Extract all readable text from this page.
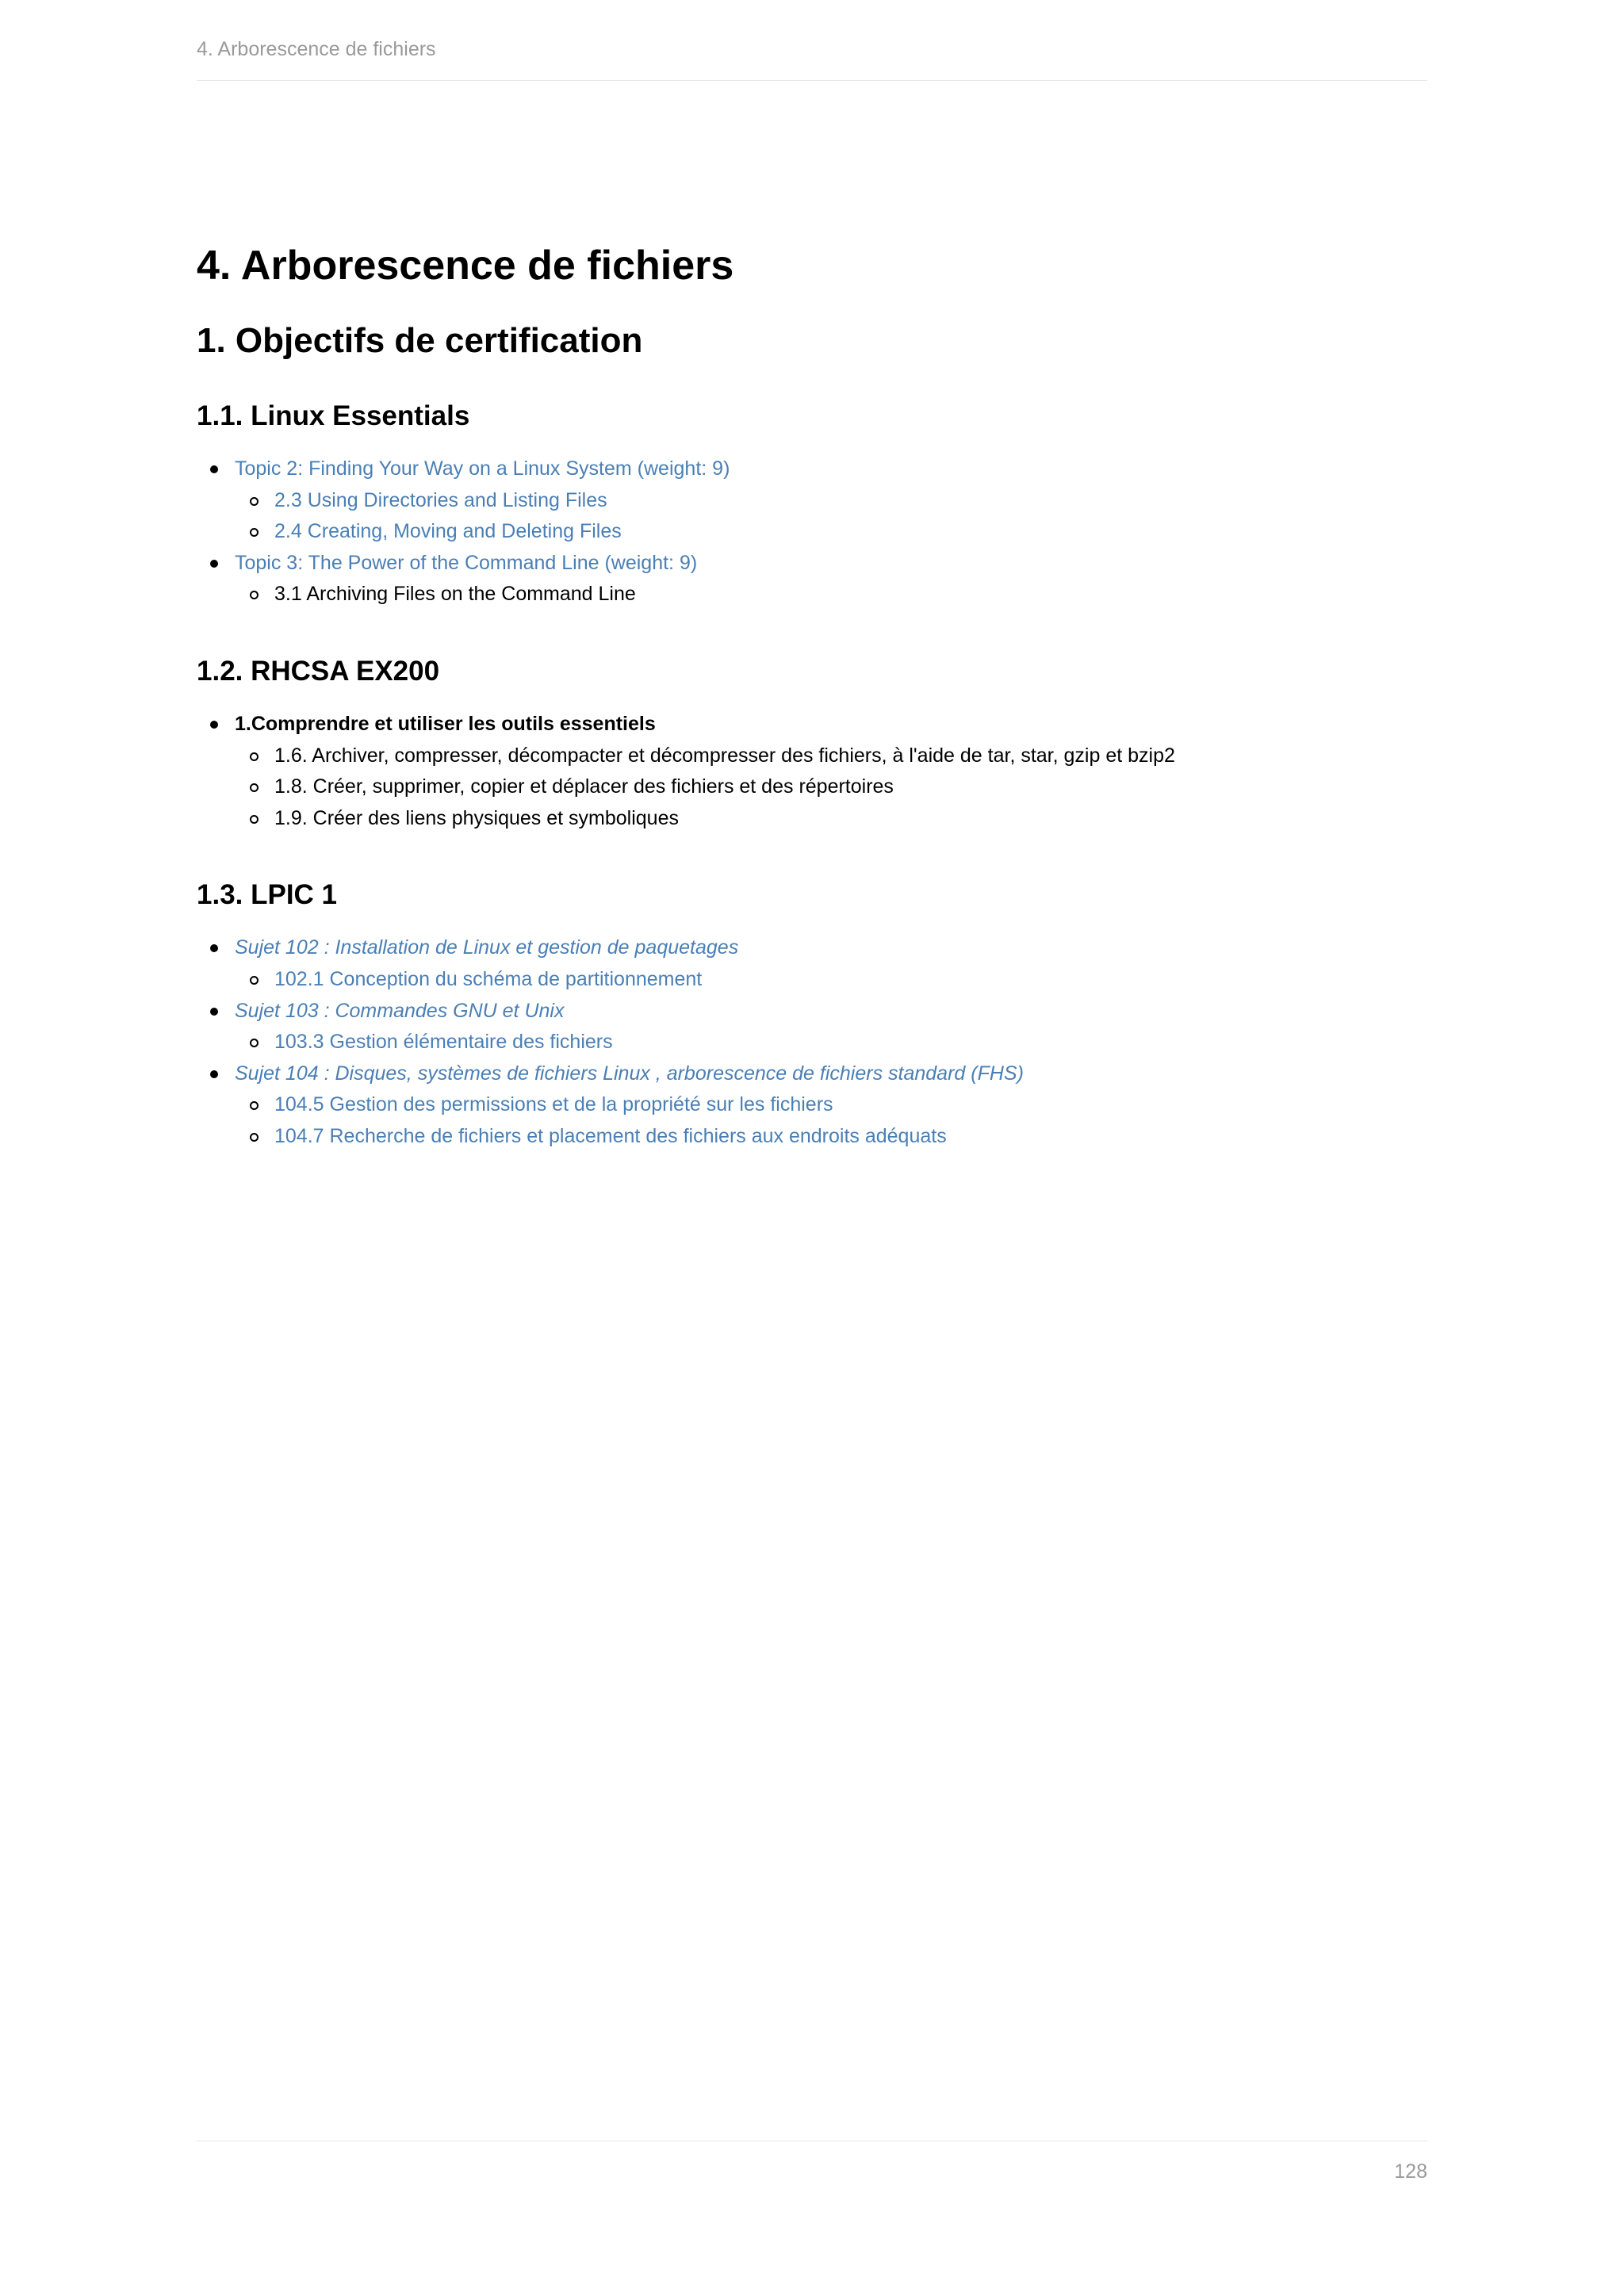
4. Arborescence de fichiers
4. Arborescence de fichiers
1. Objectifs de certification
1.1. Linux Essentials
Topic 2: Finding Your Way on a Linux System (weight: 9)
2.3 Using Directories and Listing Files
2.4 Creating, Moving and Deleting Files
Topic 3: The Power of the Command Line (weight: 9)
3.1 Archiving Files on the Command Line
1.2. RHCSA EX200
1.Comprendre et utiliser les outils essentiels
1.6. Archiver, compresser, décompacter et décompresser des fichiers, à l'aide de tar, star, gzip et bzip2
1.8. Créer, supprimer, copier et déplacer des fichiers et des répertoires
1.9. Créer des liens physiques et symboliques
1.3. LPIC 1
Sujet 102 : Installation de Linux et gestion de paquetages
102.1 Conception du schéma de partitionnement
Sujet 103 : Commandes GNU et Unix
103.3 Gestion élémentaire des fichiers
Sujet 104 : Disques, systèmes de fichiers Linux , arborescence de fichiers standard (FHS)
104.5 Gestion des permissions et de la propriété sur les fichiers
104.7 Recherche de fichiers et placement des fichiers aux endroits adéquats
128
